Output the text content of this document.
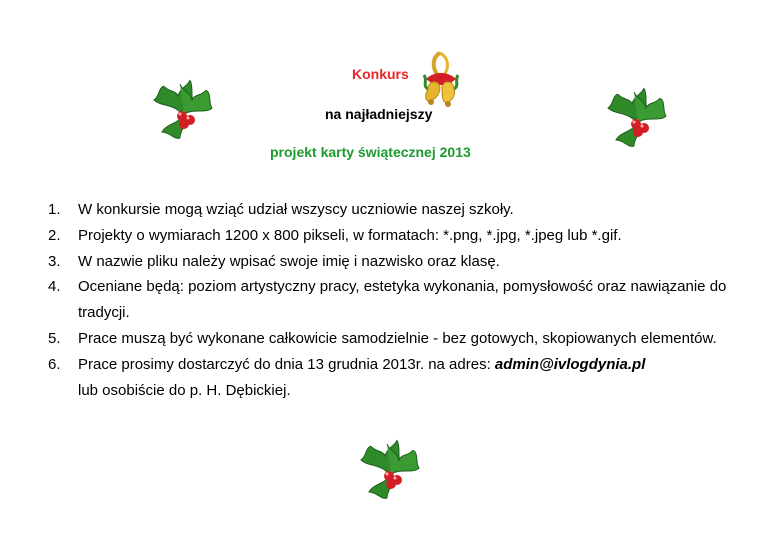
Konkurs
na najładniejszy
projekt karty świątecznej 2013
1. W konkursie mogą wziąć udział wszyscy uczniowie naszej szkoły.
2. Projekty o wymiarach 1200 x 800 pikseli, w formatach: *.png, *.jpg, *.jpeg lub *.gif.
3. W nazwie pliku należy wpisać swoje imię i nazwisko oraz klasę.
4. Oceniane będą: poziom artystyczny pracy, estetyka wykonania, pomysłowość oraz nawiązanie do tradycji.
5. Prace muszą być wykonane całkowicie samodzielnie - bez gotowych, skopiowanych elementów.
6. Prace prosimy dostarczyć do dnia 13 grudnia 2013r. na adres: admin@ivlogdynia.pl
lub osobiście do p. H. Dębickiej.
